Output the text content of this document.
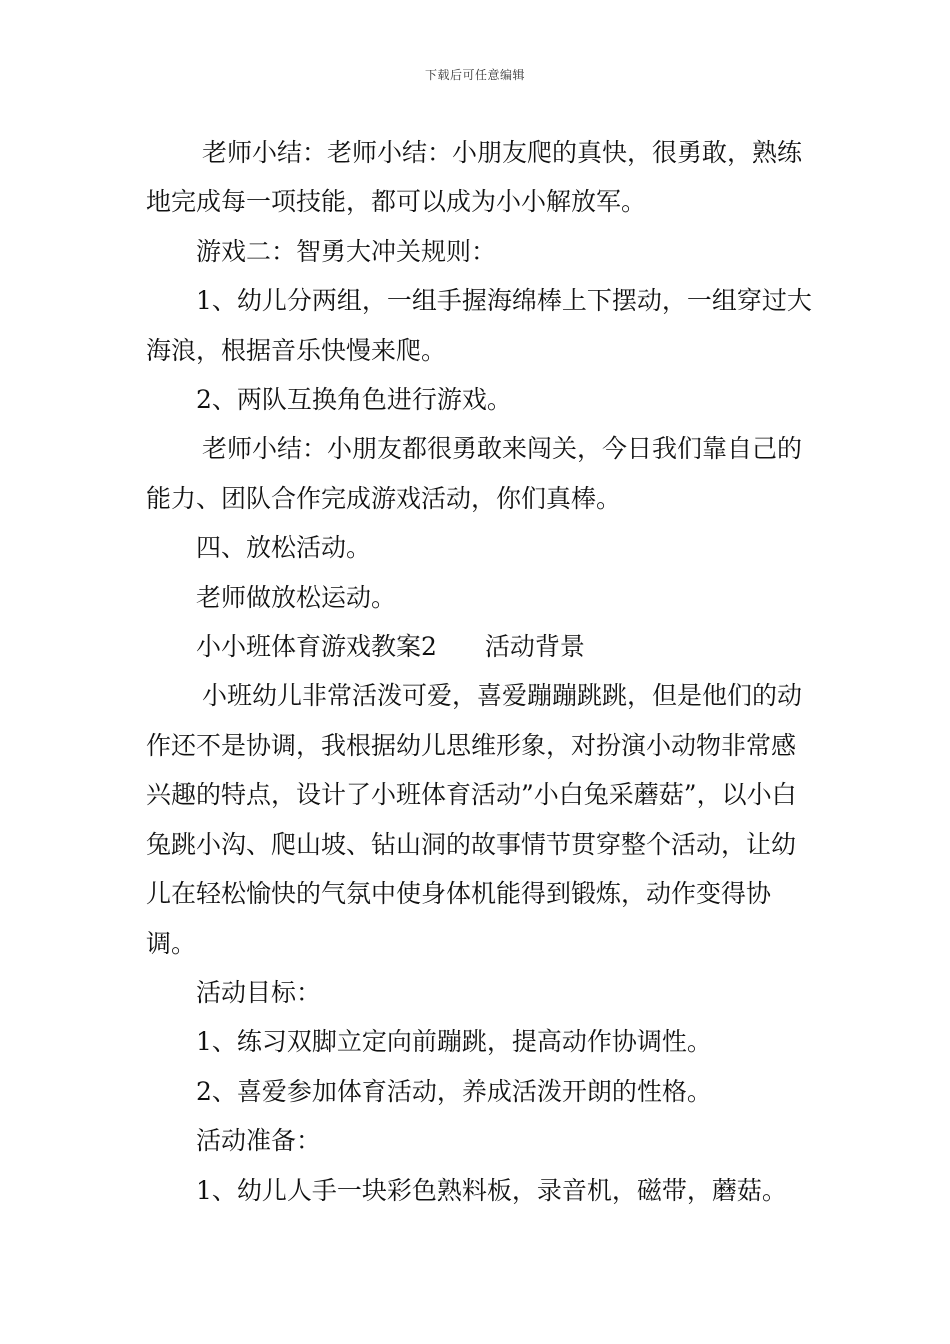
下载后可任意编辑

老师小结：老师小结：小朋友爬的真快，很勇敢，熟练地完成每一项技能，都可以成为小小解放军。

游戏二：智勇大冲关规则：

1、幼儿分两组，一组手握海绵棒上下摆动，一组穿过大海浪，根据音乐快慢来爬。

2、两队互换角色进行游戏。

老师小结：小朋友都很勇敢来闯关，今日我们靠自己的能力、团队合作完成游戏活动，你们真棒。

四、放松活动。

老师做放松运动。

小小班体育游戏教案2 活动背景

小班幼儿非常活泼可爱，喜爱蹦蹦跳跳，但是他们的动作还不是协调，我根据幼儿思维形象，对扮演小动物非常感兴趣的特点，设计了小班体育活动”小白兔采蘑菇”，以小白兔跳小沟、爬山坡、钻山洞的故事情节贯穿整个活动，让幼儿在轻松愉快的气氛中使身体机能得到锻炼，动作变得协调。

活动目标：

1、练习双脚立定向前蹦跳，提高动作协调性。

2、喜爱参加体育活动，养成活泼开朗的性格。

活动准备：

1、幼儿人手一块彩色熟料板，录音机，磁带，蘑菇。
